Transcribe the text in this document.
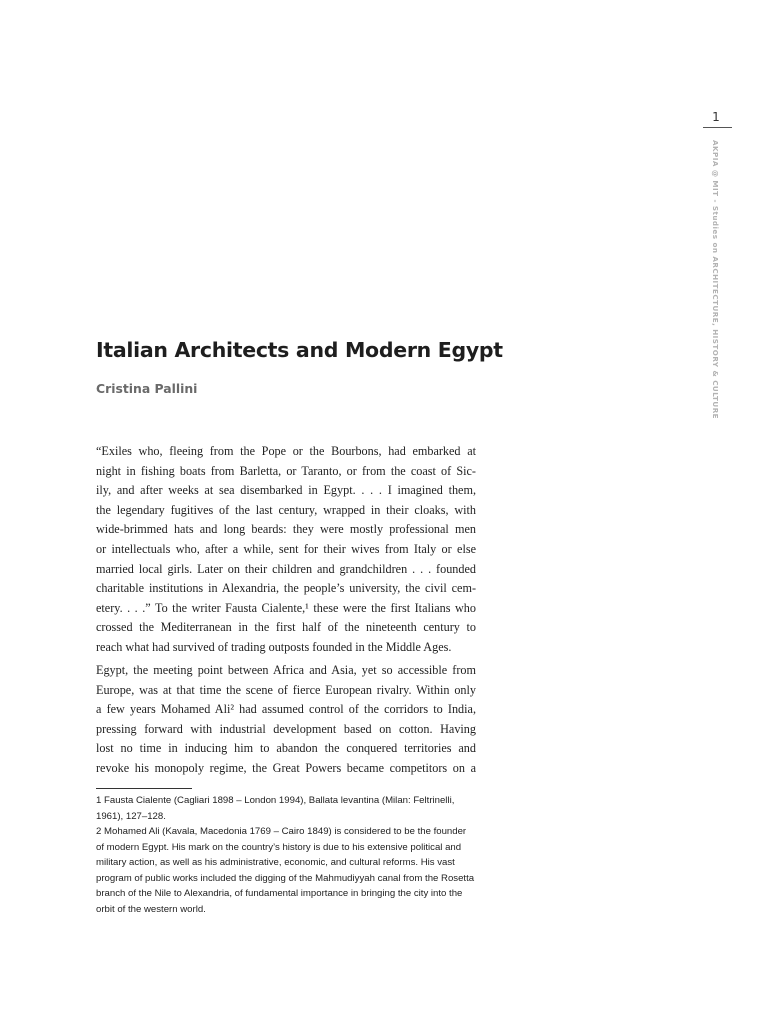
1
AKPIA @ MIT - Studies on ARCHITECTURE, HISTORY & CULTURE
Italian Architects and Modern Egypt
Cristina Pallini
“Exiles who, fleeing from the Pope or the Bourbons, had embarked at
night in fishing boats from Barletta, or Taranto, or from the coast of Sic-
ily, and after weeks at sea disembarked in Egypt. . . . I imagined them,
the legendary fugitives of the last century, wrapped in their cloaks, with
wide-brimmed hats and long beards: they were mostly professional men
or intellectuals who, after a while, sent for their wives from Italy or else
married local girls. Later on their children and grandchildren . . . founded
charitable institutions in Alexandria, the people’s university, the civil cem-
etery. . . .” To the writer Fausta Cialente,¹ these were the first Italians who
crossed the Mediterranean in the first half of the nineteenth century to
reach what had survived of trading outposts founded in the Middle Ages.
Egypt, the meeting point between Africa and Asia, yet so accessible from
Europe, was at that time the scene of fierce European rivalry. Within only
a few years Mohamed Ali² had assumed control of the corridors to India,
pressing forward with industrial development based on cotton. Having
lost no time in inducing him to abandon the conquered territories and
revoke his monopoly regime, the Great Powers became competitors on a
1 Fausta Cialente (Cagliari 1898 – London 1994), Ballata levantina (Milan: Feltrinelli,
1961), 127–128.
2 Mohamed Ali (Kavala, Macedonia 1769 – Cairo 1849) is considered to be the founder
of modern Egypt. His mark on the country’s history is due to his extensive political and
military action, as well as his administrative, economic, and cultural reforms. His vast
program of public works included the digging of the Mahmudiyyah canal from the Rosetta
branch of the Nile to Alexandria, of fundamental importance in bringing the city into the
orbit of the western world.
